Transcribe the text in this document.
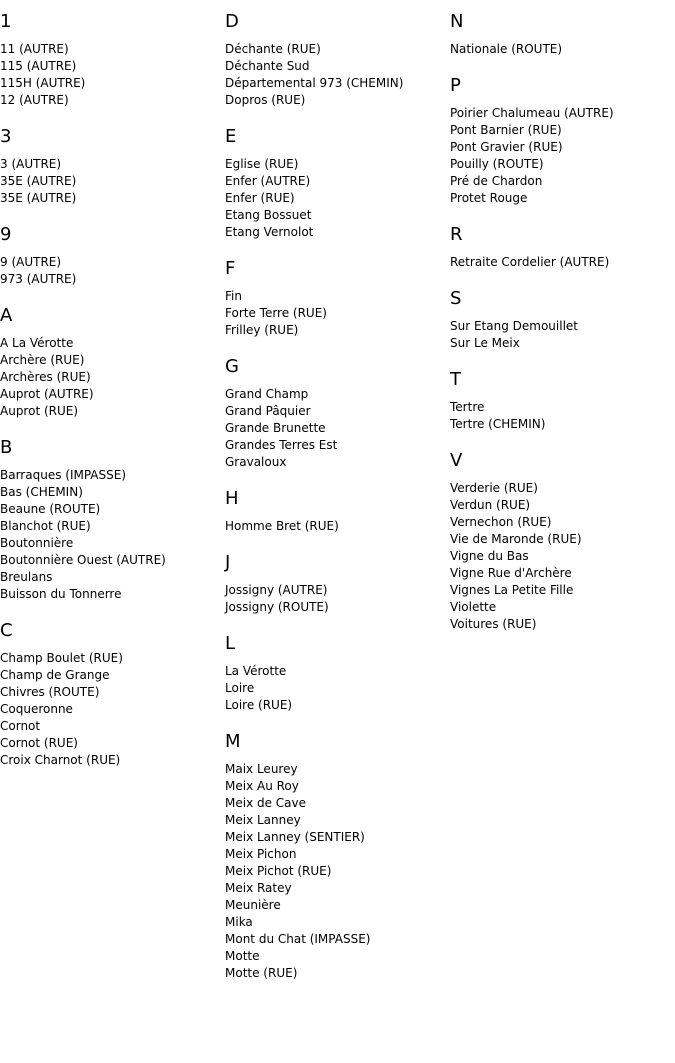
1
11 (AUTRE)
115 (AUTRE)
115H (AUTRE)
12 (AUTRE)
3
3 (AUTRE)
35E (AUTRE)
35E (AUTRE)
9
9 (AUTRE)
973 (AUTRE)
A
A La Vérotte
Archère (RUE)
Archères (RUE)
Auprot (AUTRE)
Auprot (RUE)
B
Barraques (IMPASSE)
Bas (CHEMIN)
Beaune (ROUTE)
Blanchot (RUE)
Boutonnière
Boutonnière Ouest (AUTRE)
Breulans
Buisson du Tonnerre
C
Champ Boulet (RUE)
Champ de Grange
Chivres (ROUTE)
Coqueronne
Cornot
Cornot (RUE)
Croix Charnot (RUE)
D
Déchante (RUE)
Déchante Sud
Départemental 973 (CHEMIN)
Dopros (RUE)
E
Eglise (RUE)
Enfer (AUTRE)
Enfer (RUE)
Etang Bossuet
Etang Vernolot
F
Fin
Forte Terre (RUE)
Frilley (RUE)
G
Grand Champ
Grand Pâquier
Grande Brunette
Grandes Terres Est
Gravaloux
H
Homme Bret (RUE)
J
Jossigny (AUTRE)
Jossigny (ROUTE)
L
La Vérotte
Loire
Loire (RUE)
M
Maix Leurey
Meix Au Roy
Meix de Cave
Meix Lanney
Meix Lanney (SENTIER)
Meix Pichon
Meix Pichot (RUE)
Meix Ratey
Meunière
Mika
Mont du Chat (IMPASSE)
Motte
Motte (RUE)
N
Nationale (ROUTE)
P
Poirier Chalumeau (AUTRE)
Pont Barnier (RUE)
Pont Gravier (RUE)
Pouilly (ROUTE)
Pré de Chardon
Protet Rouge
R
Retraite Cordelier (AUTRE)
S
Sur Etang Demouillet
Sur Le Meix
T
Tertre
Tertre (CHEMIN)
V
Verderie (RUE)
Verdun (RUE)
Vernechon (RUE)
Vie de Maronde (RUE)
Vigne du Bas
Vigne Rue d'Archère
Vignes La Petite Fille
Violette
Voitures (RUE)
